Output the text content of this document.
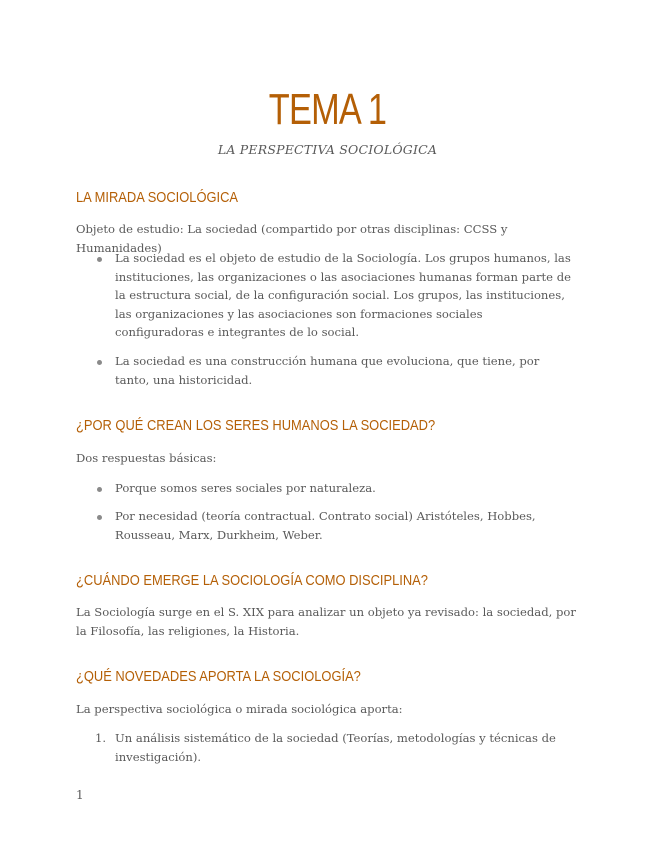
TEMA 1
LA PERSPECTIVA SOCIOLÓGICA
LA MIRADA SOCIOLÓGICA
Objeto de estudio: La sociedad (compartido por otras disciplinas: CCSS y Humanidades)
La sociedad es el objeto de estudio de la Sociología. Los grupos humanos, las instituciones, las organizaciones o las asociaciones humanas forman parte de la estructura social, de la configuración social. Los grupos, las instituciones, las organizaciones y las asociaciones son formaciones sociales configuradoras e integrantes de lo social.
La sociedad es una construcción humana que evoluciona, que tiene, por tanto, una historicidad.
¿POR QUÉ CREAN LOS SERES HUMANOS LA SOCIEDAD?
Dos respuestas básicas:
Porque somos seres sociales por naturaleza.
Por necesidad (teoría contractual. Contrato social) Aristóteles, Hobbes, Rousseau, Marx, Durkheim, Weber.
¿CUÁNDO EMERGE LA SOCIOLOGÍA COMO DISCIPLINA?
La Sociología surge en el S. XIX para analizar un objeto ya revisado: la sociedad, por la Filosofía, las religiones, la Historia.
¿QUÉ NOVEDADES APORTA LA SOCIOLOGÍA?
La perspectiva sociológica o mirada sociológica aporta:
1. Un análisis sistemático de la sociedad (Teorías, metodologías y técnicas de investigación).
1
